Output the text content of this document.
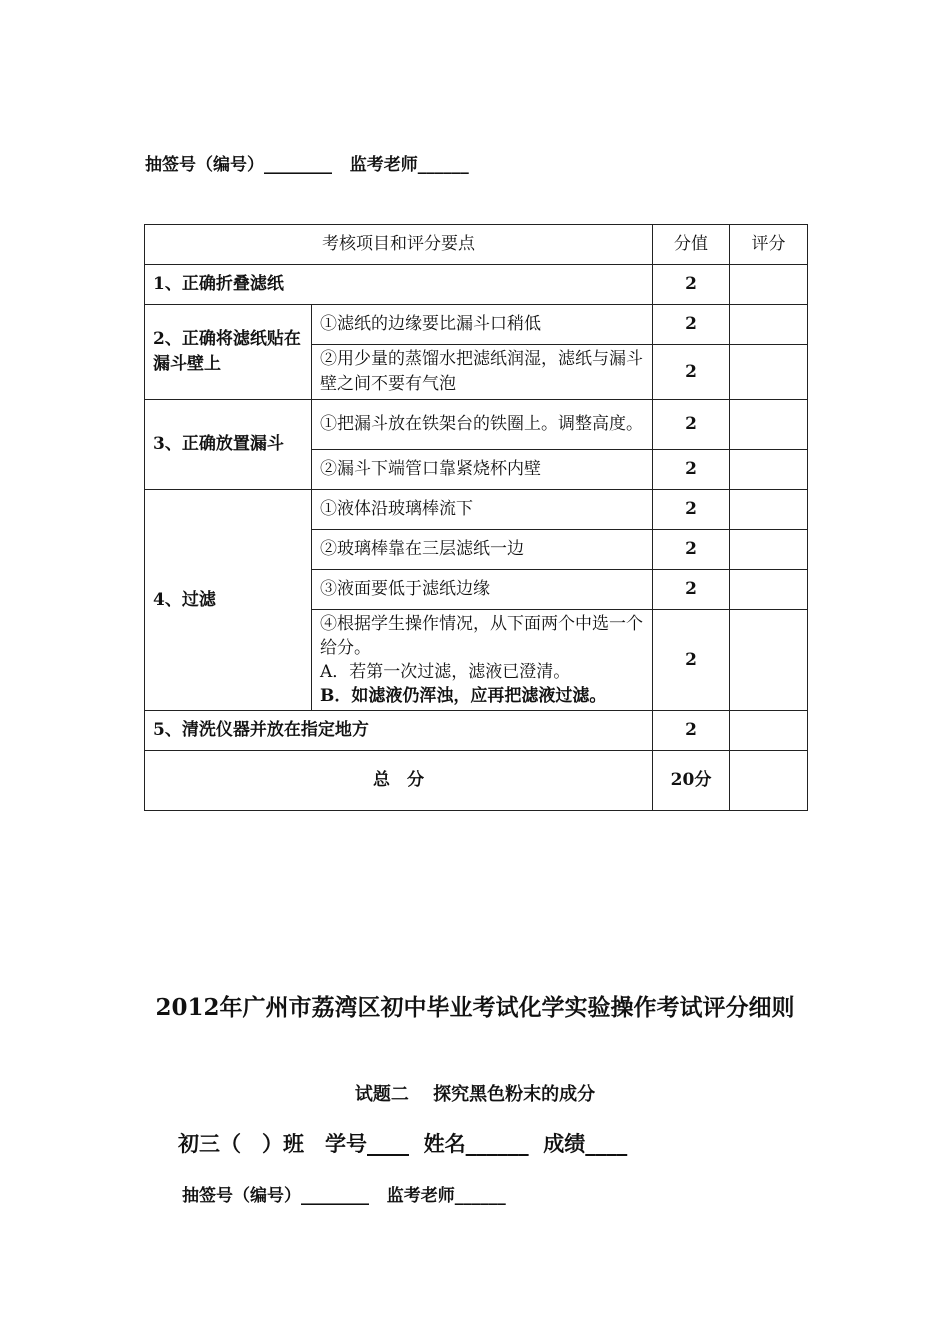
抽签号（编号）________   监考老师______
考核项目和评分要点		分值	评分
1、正确折叠滤纸		2	
2、正确将滤纸贴在漏斗壁上	①滤纸的边缘要比漏斗口稍低	2	
	②用少量的蒸馏水把滤纸润湿，滤纸与漏斗壁之间不要有气泡	2	
3、正确放置漏斗	①把漏斗放在铁架台的铁圈上。调整高度。	2	
	②漏斗下端管口靠紧烧杯内壁	2	
4、过滤	①液体沿玻璃棒流下	2	
	②玻璃棒靠在三层滤纸一边	2	
	③液面要低于滤纸边缘	2	

	④根据学生操作情况，从下面两个中选一个给分。
A．若第一次过滤，滤液已澄清。
B．如滤液仍浑浊，应再把滤液过滤。	2	
5、清洗仪器并放在指定地方		2	
总　分		20分	
2012年广州市荔湾区初中毕业考试化学实验操作考试评分细则
试题二　 探究黑色粉末的成分
初三（　）班　学号____  姓名______  成绩____
抽签号（编号）________   监考老师______
